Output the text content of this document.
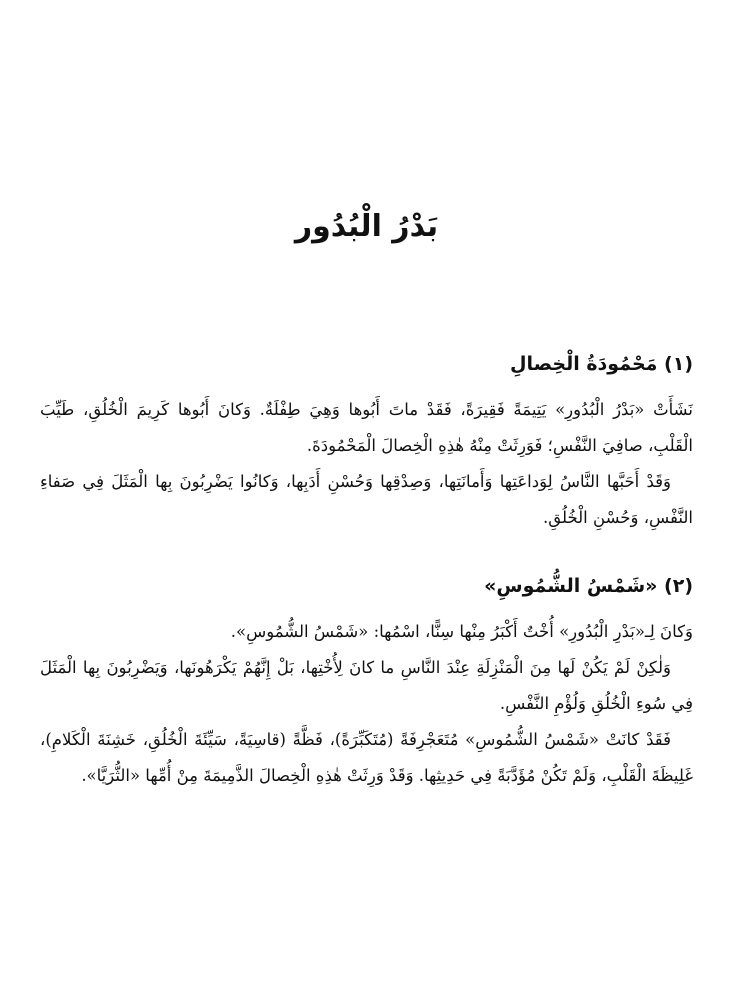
بَدْرُ الْبُدُور
(١) مَحْمُودَةُ الْخِصالِ

نَشَأَتْ «بَدْرُ الْبُدُورِ» يَتِيمَةً فَقِيرَةً، فَقَدْ ماتَ أَبُوها وَهِيَ طِفْلَةٌ. وَكانَ أَبُوها كَرِيمَ الْخُلُقِ، طَيِّبَ الْقَلْبِ، صافِيَ النَّفْسِ؛ فَوَرِثَتْ مِنْهُ هٰذِهِ الْخِصالَ الْمَحْمُودَةَ.

وَقَدْ أَحَبَّها النَّاسُ لِوَداعَتِها وَأَمانَتِها، وَصِدْقِها وَحُسْنِ أَدَبِها، وَكانُوا يَضْرِبُونَ بِها الْمَثَلَ فِي صَفاءِ النَّفْسِ، وَحُسْنِ الْخُلُقِ.

(٢) «شَمْسُ الشُّمُوسِ»

وَكانَ لِـ«بَدْرِ الْبُدُورِ» أُخْتٌ أَكْبَرُ مِنْها سِنًّا، اسْمُها: «شَمْسُ الشُّمُوسِ».

وَلٰكِنْ لَمْ يَكُنْ لَها مِنَ الْمَنْزِلَةِ عِنْدَ النَّاسِ ما كانَ لِأُخْتِها، بَلْ إِنَّهُمْ يَكْرَهُونَها، وَيَضْرِبُونَ بِها الْمَثَلَ فِي سُوءِ الْخُلُقِ وَلُؤْمِ النَّفْسِ.

فَقَدْ كانَتْ «شَمْسُ الشُّمُوسِ» مُتَعَجْرِفَةً (مُتَكَبِّرَةً)، فَظَّةً (قاسِيَةً، سَيِّئَةَ الْخُلُقِ، خَشِنَةَ الْكَلامِ)، غَلِيظَةَ الْقَلْبِ، وَلَمْ تَكُنْ مُؤَدَّبَةً فِي حَدِيثِها. وَقَدْ وَرِثَتْ هٰذِهِ الْخِصالَ الذَّمِيمَةَ مِنْ أُمِّها «الثُّرَيَّا».
